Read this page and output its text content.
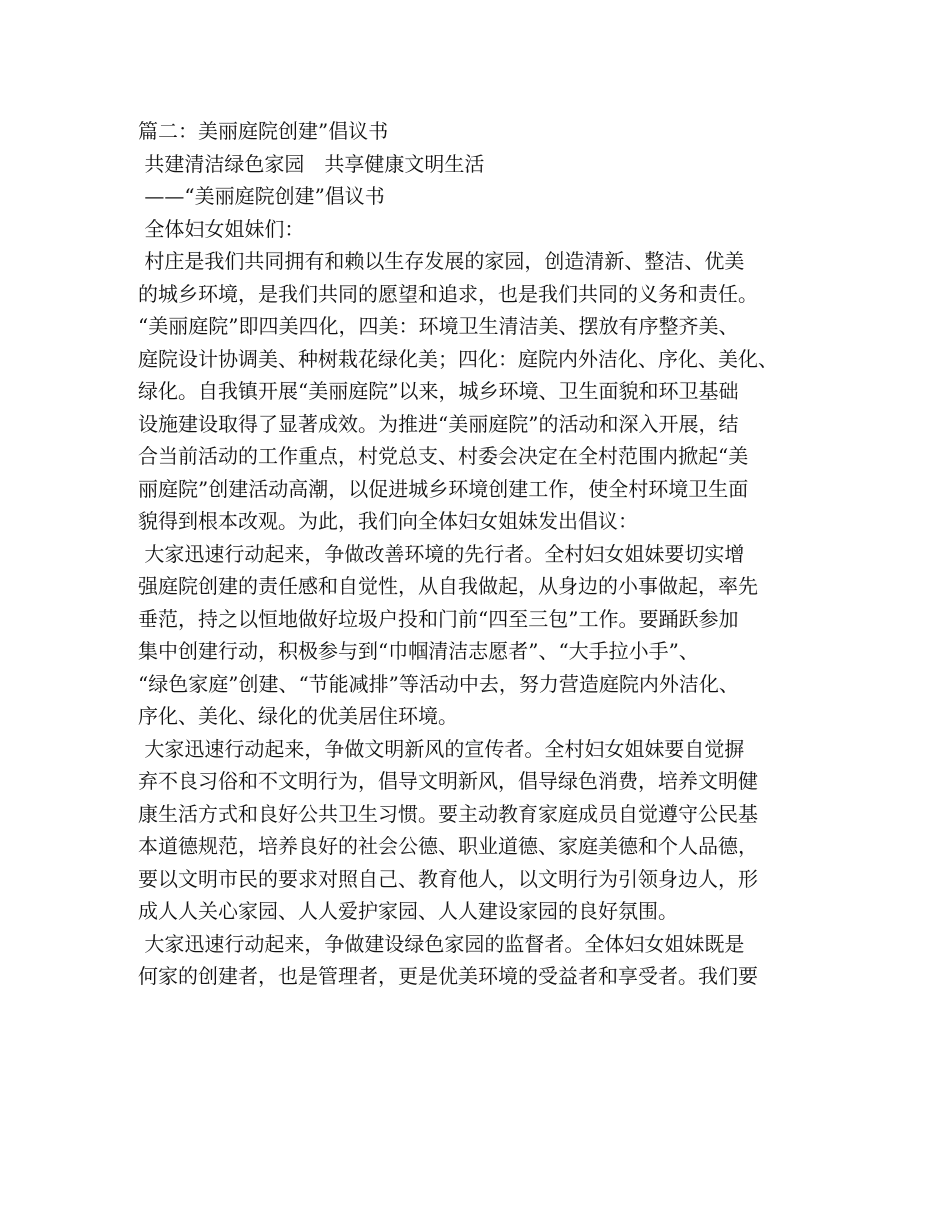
篇二：美丽庭院创建”倡议书
共建清洁绿色家园　共享健康文明生活
——“美丽庭院创建”倡议书
全体妇女姐妹们：
村庄是我们共同拥有和赖以生存发展的家园，创造清新、整洁、优美
的城乡环境，是我们共同的愿望和追求，也是我们共同的义务和责任。
“美丽庭院”即四美四化，四美：环境卫生清洁美、摆放有序整齐美、
庭院设计协调美、种树栽花绿化美；四化：庭院内外洁化、序化、美化、
绿化。自我镇开展“美丽庭院”以来，城乡环境、卫生面貌和环卫基础
设施建设取得了显著成效。为推进“美丽庭院”的活动和深入开展，结
合当前活动的工作重点，村党总支、村委会决定在全村范围内掀起“美
丽庭院”创建活动高潮，以促进城乡环境创建工作，使全村环境卫生面
貌得到根本改观。为此，我们向全体妇女姐妹发出倡议：
大家迅速行动起来，争做改善环境的先行者。全村妇女姐妹要切实增
强庭院创建的责任感和自觉性，从自我做起，从身边的小事做起，率先
垂范，持之以恒地做好垃圾户投和门前“四至三包”工作。要踊跃参加
集中创建行动，积极参与到“巾帼清洁志愿者”、“大手拉小手”、
“绿色家庭”创建、“节能减排”等活动中去，努力营造庭院内外洁化、
序化、美化、绿化的优美居住环境。
大家迅速行动起来，争做文明新风的宣传者。全村妇女姐妹要自觉摒
弃不良习俗和不文明行为，倡导文明新风，倡导绿色消费，培养文明健
康生活方式和良好公共卫生习惯。要主动教育家庭成员自觉遵守公民基
本道德规范，培养良好的社会公德、职业道德、家庭美德和个人品德，
要以文明市民的要求对照自己、教育他人，以文明行为引领身边人，形
成人人关心家园、人人爱护家园、人人建设家园的良好氛围。
大家迅速行动起来，争做建设绿色家园的监督者。全体妇女姐妹既是
何家的创建者，也是管理者，更是优美环境的受益者和享受者。我们要
